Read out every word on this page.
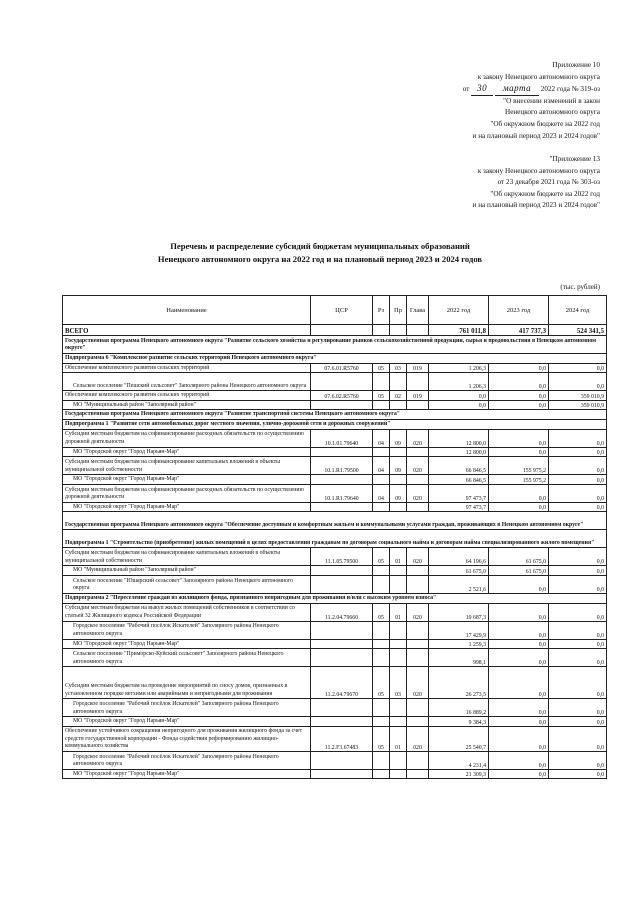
Приложение 10
к закону Ненецкого автономного округа
от 30 марта 2022 года № 319-оз
"О внесении изменений в закон
Ненецкого автономного округа
"Об окружном бюджете на 2022 год
и на плановый период 2023 и 2024 годов"
"Приложение 13
к закону Ненецкого автономного округа
от 23 декабря 2021 года № 303-оз
"Об окружном бюджете на 2022 год
и на плановый период 2023 и 2024 годов"
Перечень и распределение субсидий бюджетам муниципальных образований
Ненецкого автономного округа на 2022 год и на плановый период 2023 и 2024 годов
(тыс. рублей)
Наименование	ЦСР	Рз	Пр	Глава	2022 год	2023 год	2024 год
ВСЕГО					761 011,8	417 737,3	524 341,5
Государственная программа Ненецкого автономного округа "Развитие сельского хозяйства и регулирование рынков сельскохозяйственной продукции, сырья и продовольствия в Ненецком автономном округе"							
Подпрограмма 6 "Комплексное развитие сельских территорий Ненецкого автономного округа"							
Обеспечение комплексного развития сельских территорий	07.6.01.R5760	05	03	019	1 206,3	0,0	0,0
Сельское поселение "Пешский сельсовет" Заполярного района Ненецкого автономного округа					1 206,3	0,0	0,0
Обеспечение комплексного развития сельских территорий	07.6.02.R5760	05	02	019	0,0	0,0	359 010,9
МО "Муниципальный район "Заполярный район"					0,0	0,0	359 010,9
Государственная программа Ненецкого автономного округа "Развитие транспортной системы Ненецкого автономного округа"							
Подпрограмма 1 "Развитие сети автомобильных дорог местного значения, улично-дорожной сети и дорожных сооружений"							
Субсидии местным бюджетам на софинансирование расходных обязательств по осуществлению дорожной деятельности	10.1.01.79640	04	09	020	12 800,0	0,0	0,0
МО "Городской округ "Город Нарьян-Мар"					12 800,0	0,0	0,0
Субсидии местным бюджетам на софинансирование капитальных вложений в объекты муниципальной собственности	10.1.R1.79500	04	09	020	66 846,5	155 975,2	0,0
МО "Городской округ "Город Нарьян-Мар"					66 846,5	155 975,2	0,0
Субсидии местным бюджетам на софинансирование расходных обязательств по осуществлению дорожной деятельности	10.1.R1.79640	04	09	020	97 473,7	0,0	0,0
МО "Городской округ "Город Нарьян-Мар"					97 473,7	0,0	0,0
Государственная программа Ненецкого автономного округа "Обеспечение доступным и комфортным жильем и коммунальными услугами граждан, проживающих в Ненецком автономном округе"							
Подпрограмма 1 "Строительство (приобретение) жилых помещений в целях предоставления гражданам по договорам социального найма и договорам найма специализированного жилого помещения"							
Субсидии местным бюджетам на софинансирование капитальных вложений в объекты муниципальной собственности	11.1.05.79500	05	01	020	64 196,6	61 675,0	0,0
МО "Муниципальный район "Заполярный район"					61 675,0	61 675,0	0,0
Сельское поселение "Юшарский сельсовет" Заполярного района Ненецкого автономного округа					2 521,6	0,0	0,0
Подпрограмма 2 "Переселение граждан из жилищного фонда, признанного непригодным для проживания и/или с высоким уровнем износа"							
Субсидии местным бюджетам на выкуп жилых помещений собственников в соответствии со статьей 32 Жилищного кодекса Российской Федерации	11.2.04.79660	05	01	020	19 687,3	0,0	0,0
Городское поселение "Рабочий посёлок Искателей" Заполярного района Ненецкого автономного округа					17 429,9	0,0	0,0
МО "Городской округ "Город Нарьян-Мар"					1 259,3	0,0	0,0
Сельское поселение "Приморско-Куйский сельсовет" Заполярного района Ненецкого автономного округа					998,1	0,0	0,0
Субсидии местным бюджетам на проведение мероприятий по сносу домов, признанных в установленном порядке ветхими или аварийными и непригодными для проживания	11.2.04.79670	05	03	020	26 273,5	0,0	0,0
Городское поселение "Рабочий посёлок Искателей" Заполярного района Ненецкого автономного округа					16 889,2	0,0	0,0
МО "Городской округ "Город Нарьян-Мар"					9 384,3	0,0	0,0
Обеспечение устойчивого сокращения непригодного для проживания жилищного фонда за счет средств государственной корпорации - Фонда содействия реформированию жилищно-коммунального хозяйства	11.2.F3.67483	05	01	020	25 540,7	0,0	0,0
Городское поселение "Рабочий посёлок Искателей" Заполярного района Ненецкого автономного округа					4 231,4	0,0	0,0
МО "Городской округ "Город Нарьян-Мар"					21 309,3	0,0	0,0
